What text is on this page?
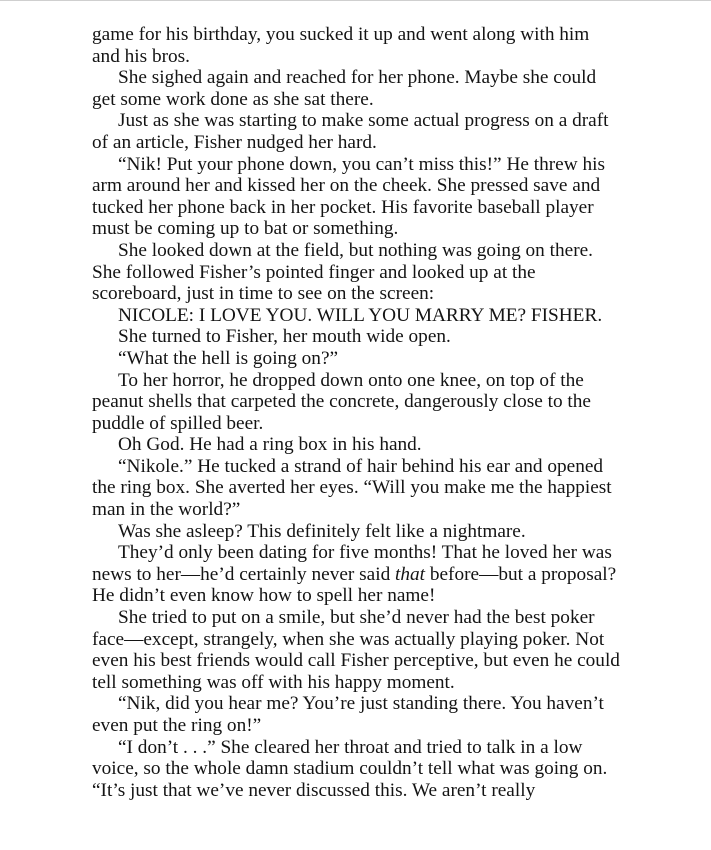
game for his birthday, you sucked it up and went along with him and his bros.

She sighed again and reached for her phone. Maybe she could get some work done as she sat there.

Just as she was starting to make some actual progress on a draft of an article, Fisher nudged her hard.

“Nik! Put your phone down, you can’t miss this!” He threw his arm around her and kissed her on the cheek. She pressed save and tucked her phone back in her pocket. His favorite baseball player must be coming up to bat or something.

She looked down at the field, but nothing was going on there. She followed Fisher’s pointed finger and looked up at the scoreboard, just in time to see on the screen:

NICOLE: I LOVE YOU. WILL YOU MARRY ME? FISHER.

She turned to Fisher, her mouth wide open.

“What the hell is going on?”

To her horror, he dropped down onto one knee, on top of the peanut shells that carpeted the concrete, dangerously close to the puddle of spilled beer.

Oh God. He had a ring box in his hand.

“Nikole.” He tucked a strand of hair behind his ear and opened the ring box. She averted her eyes. “Will you make me the happiest man in the world?”

Was she asleep? This definitely felt like a nightmare.

They’d only been dating for five months! That he loved her was news to her—he’d certainly never said that before—but a proposal? He didn’t even know how to spell her name!

She tried to put on a smile, but she’d never had the best poker face—except, strangely, when she was actually playing poker. Not even his best friends would call Fisher perceptive, but even he could tell something was off with his happy moment.

“Nik, did you hear me? You’re just standing there. You haven’t even put the ring on!”

“I don’t . . .” She cleared her throat and tried to talk in a low voice, so the whole damn stadium couldn’t tell what was going on. “It’s just that we’ve never discussed this. We aren’t really
